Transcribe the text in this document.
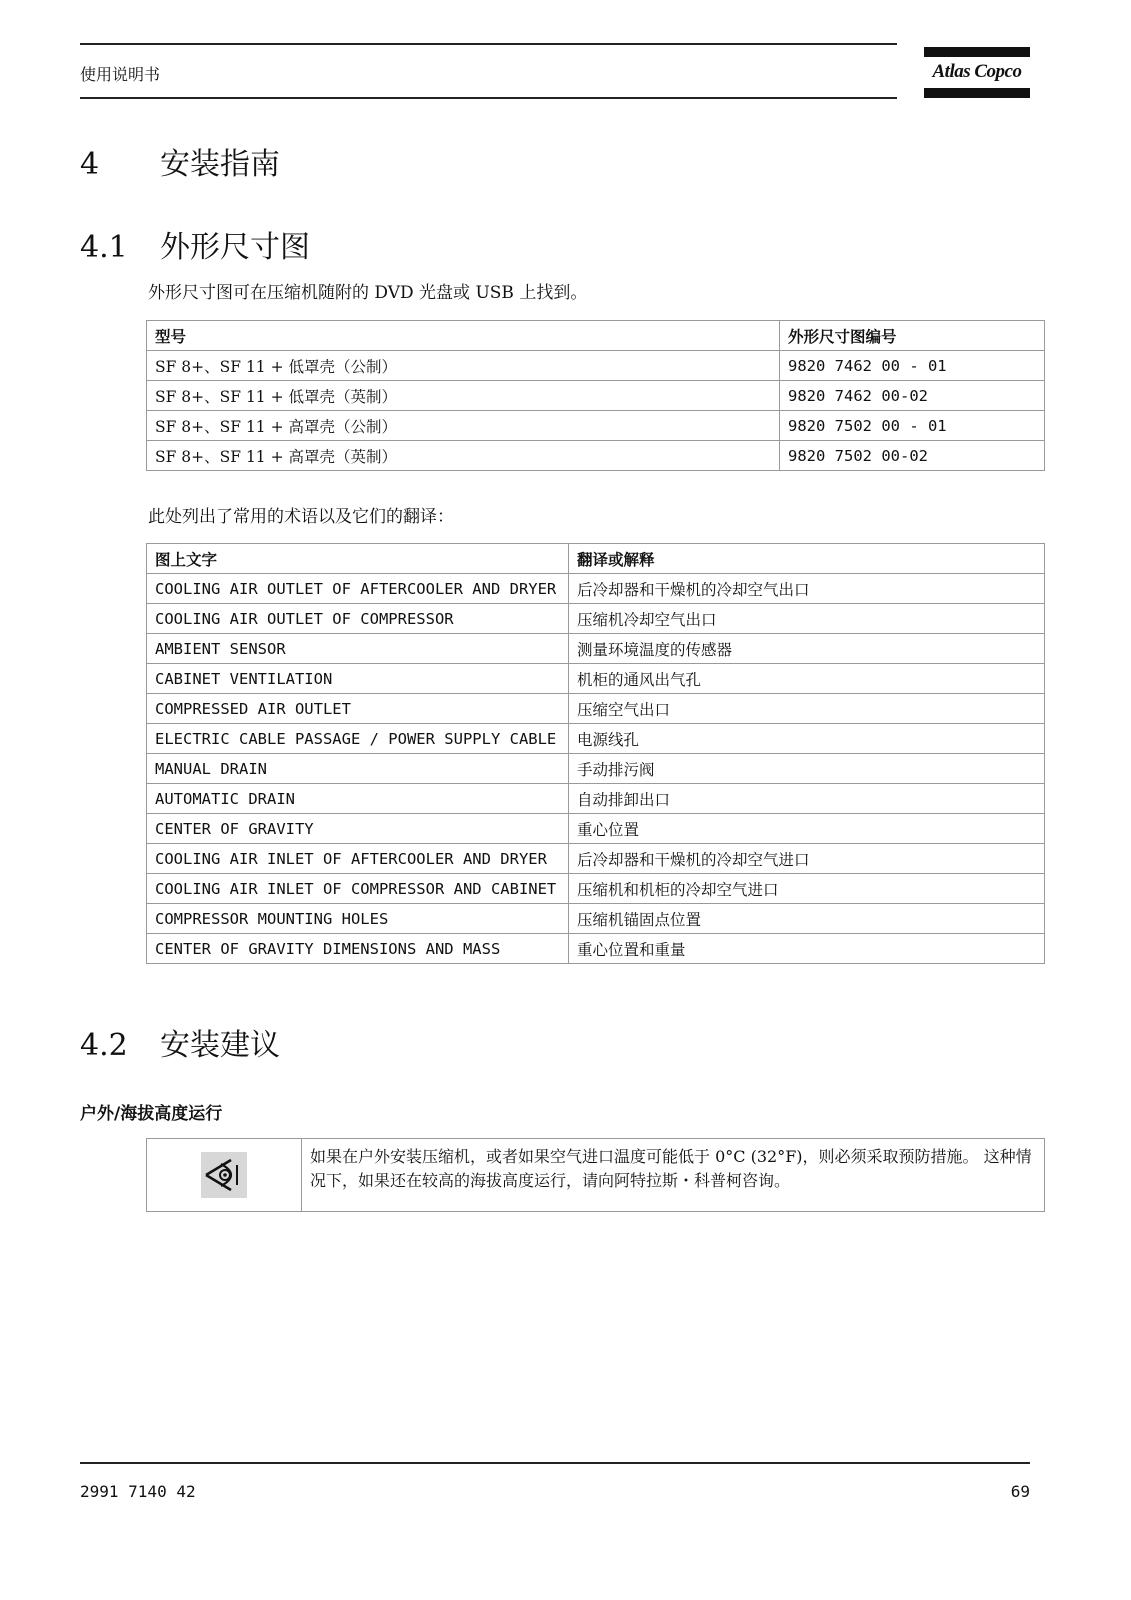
使用说明书	Atlas Copco
4 安装指南
4.1 外形尺寸图
外形尺寸图可在压缩机随附的 DVD 光盘或 USB 上找到。
型号	外形尺寸图编号
SF 8+、SF 11 + 低罩壳（公制）	9820 7462 00 - 01
SF 8+、SF 11 + 低罩壳（英制）	9820 7462 00-02
SF 8+、SF 11 + 高罩壳（公制）	9820 7502 00 - 01
SF 8+、SF 11 + 高罩壳（英制）	9820 7502 00-02
此处列出了常用的术语以及它们的翻译：
图上文字	翻译或解释
COOLING AIR OUTLET OF AFTERCOOLER AND DRYER	后冷却器和干燥机的冷却空气出口
COOLING AIR OUTLET OF COMPRESSOR	压缩机冷却空气出口
AMBIENT SENSOR	测量环境温度的传感器
CABINET VENTILATION	机柜的通风出气孔
COMPRESSED AIR OUTLET	压缩空气出口
ELECTRIC CABLE PASSAGE / POWER SUPPLY CABLE	电源线孔
MANUAL DRAIN	手动排污阀
AUTOMATIC DRAIN	自动排卸出口
CENTER OF GRAVITY	重心位置
COOLING AIR INLET OF AFTERCOOLER AND DRYER	后冷却器和干燥机的冷却空气进口
COOLING AIR INLET OF COMPRESSOR AND CABINET	压缩机和机柜的冷却空气进口
COMPRESSOR MOUNTING HOLES	压缩机锚固点位置
CENTER OF GRAVITY DIMENSIONS AND MASS	重心位置和重量
4.2 安装建议
户外/海拔高度运行
	如果在户外安装压缩机，或者如果空气进口温度可能低于 0°C (32°F)，则必须采取预防措施。 这种情况下，如果还在较高的海拔高度运行，请向阿特拉斯・科普柯咨询。
2991 7140 42	69
